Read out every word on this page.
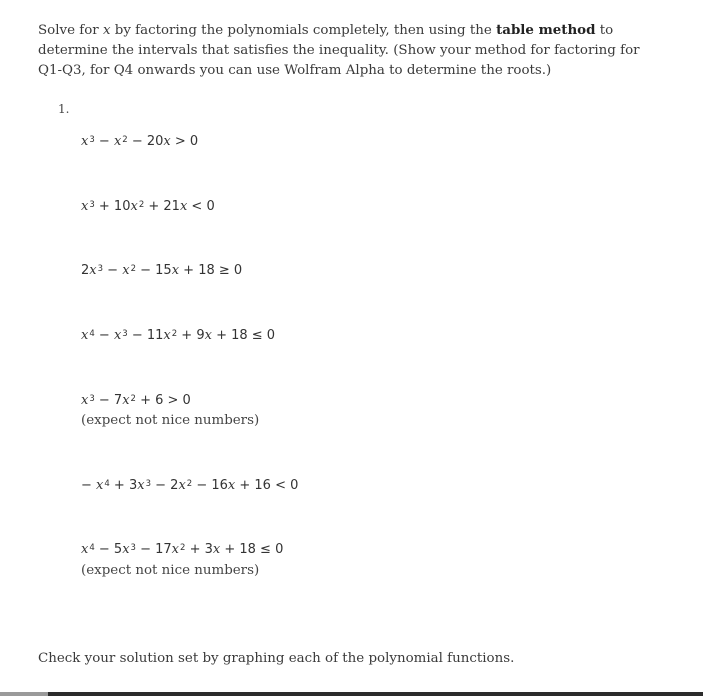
Solve for x by factoring the polynomials completely, then using the table method to determine the intervals that satisfies the inequality. (Show your method for factoring for Q1-Q3, for Q4 onwards you can use Wolfram Alpha to determine the roots.)
1.
$x^3 - x^2 - 20x > 0$
$x^3 + 10x^2 + 21x < 0$
$2x^3 - x^2 - 15x + 18 \ge 0$
$x^4 - x^3 - 11x^2 + 9x + 18 \le 0$
$x^3 - 7x^2 + 6 > 0$
(expect not nice numbers)
− $x^4 + 3x^3 - 2x^2 - 16x + 16 < 0$
$x^4 - 5x^3 - 17x^2 + 3x + 18 \le 0$
(expect not nice numbers)
Check your solution set by graphing each of the polynomial functions.
